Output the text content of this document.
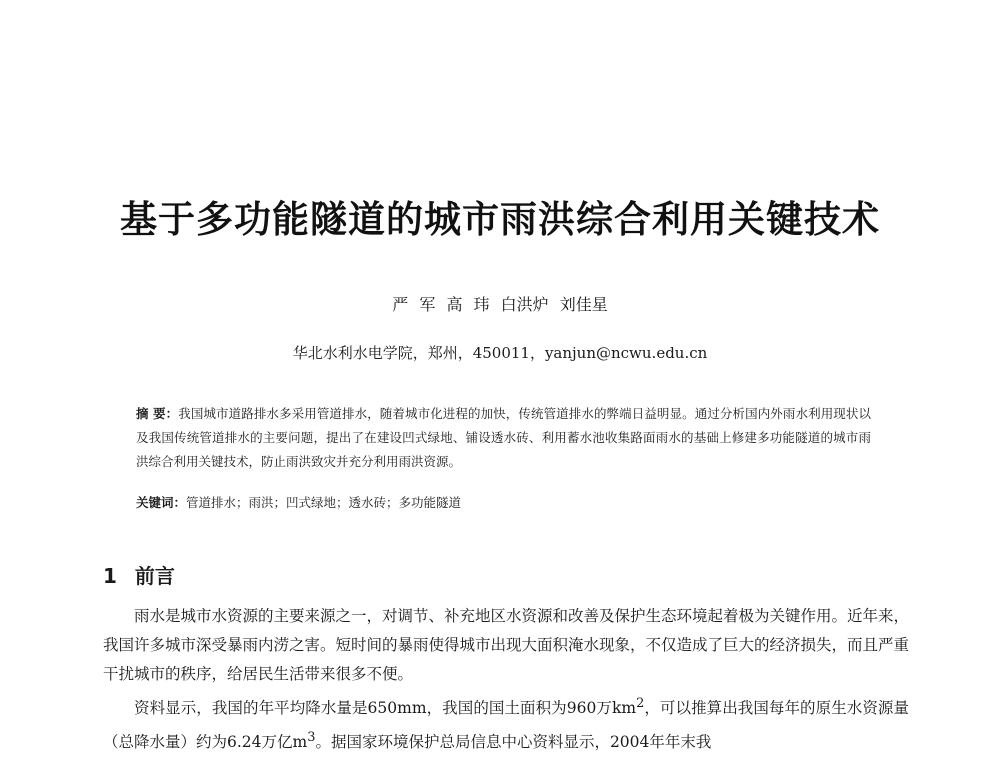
基于多功能隧道的城市雨洪综合利用关键技术
严 军 高 玮 白洪炉 刘佳星
华北水利水电学院，郑州，450011，yanjun@ncwu.edu.cn

摘 要：我国城市道路排水多采用管道排水，随着城市化进程的加快，传统管道排水的弊端日益明显。通过分析国内外雨水利用现状以及我国传统管道排水的主要问题，提出了在建设凹式绿地、铺设透水砖、利用蓄水池收集路面雨水的基础上修建多功能隧道的城市雨洪综合利用关键技术，防止雨洪致灾并充分利用雨洪资源。

关键词：管道排水；雨洪；凹式绿地；透水砖；多功能隧道
1 前言

雨水是城市水资源的主要来源之一，对调节、补充地区水资源和改善及保护生态环境起着极为关键作用。近年来，我国许多城市深受暴雨内涝之害。短时间的暴雨使得城市出现大面积淹水现象，不仅造成了巨大的经济损失，而且严重干扰城市的秩序，给居民生活带来很多不便。

资料显示，我国的年平均降水量是650mm，我国的国土面积为960万$km^2$，可以推算出我国每年的原生水资源量（总降水量）约为6.24万亿$m^3$。据国家环境保护总局信息中心资料显示，2004年年末我
